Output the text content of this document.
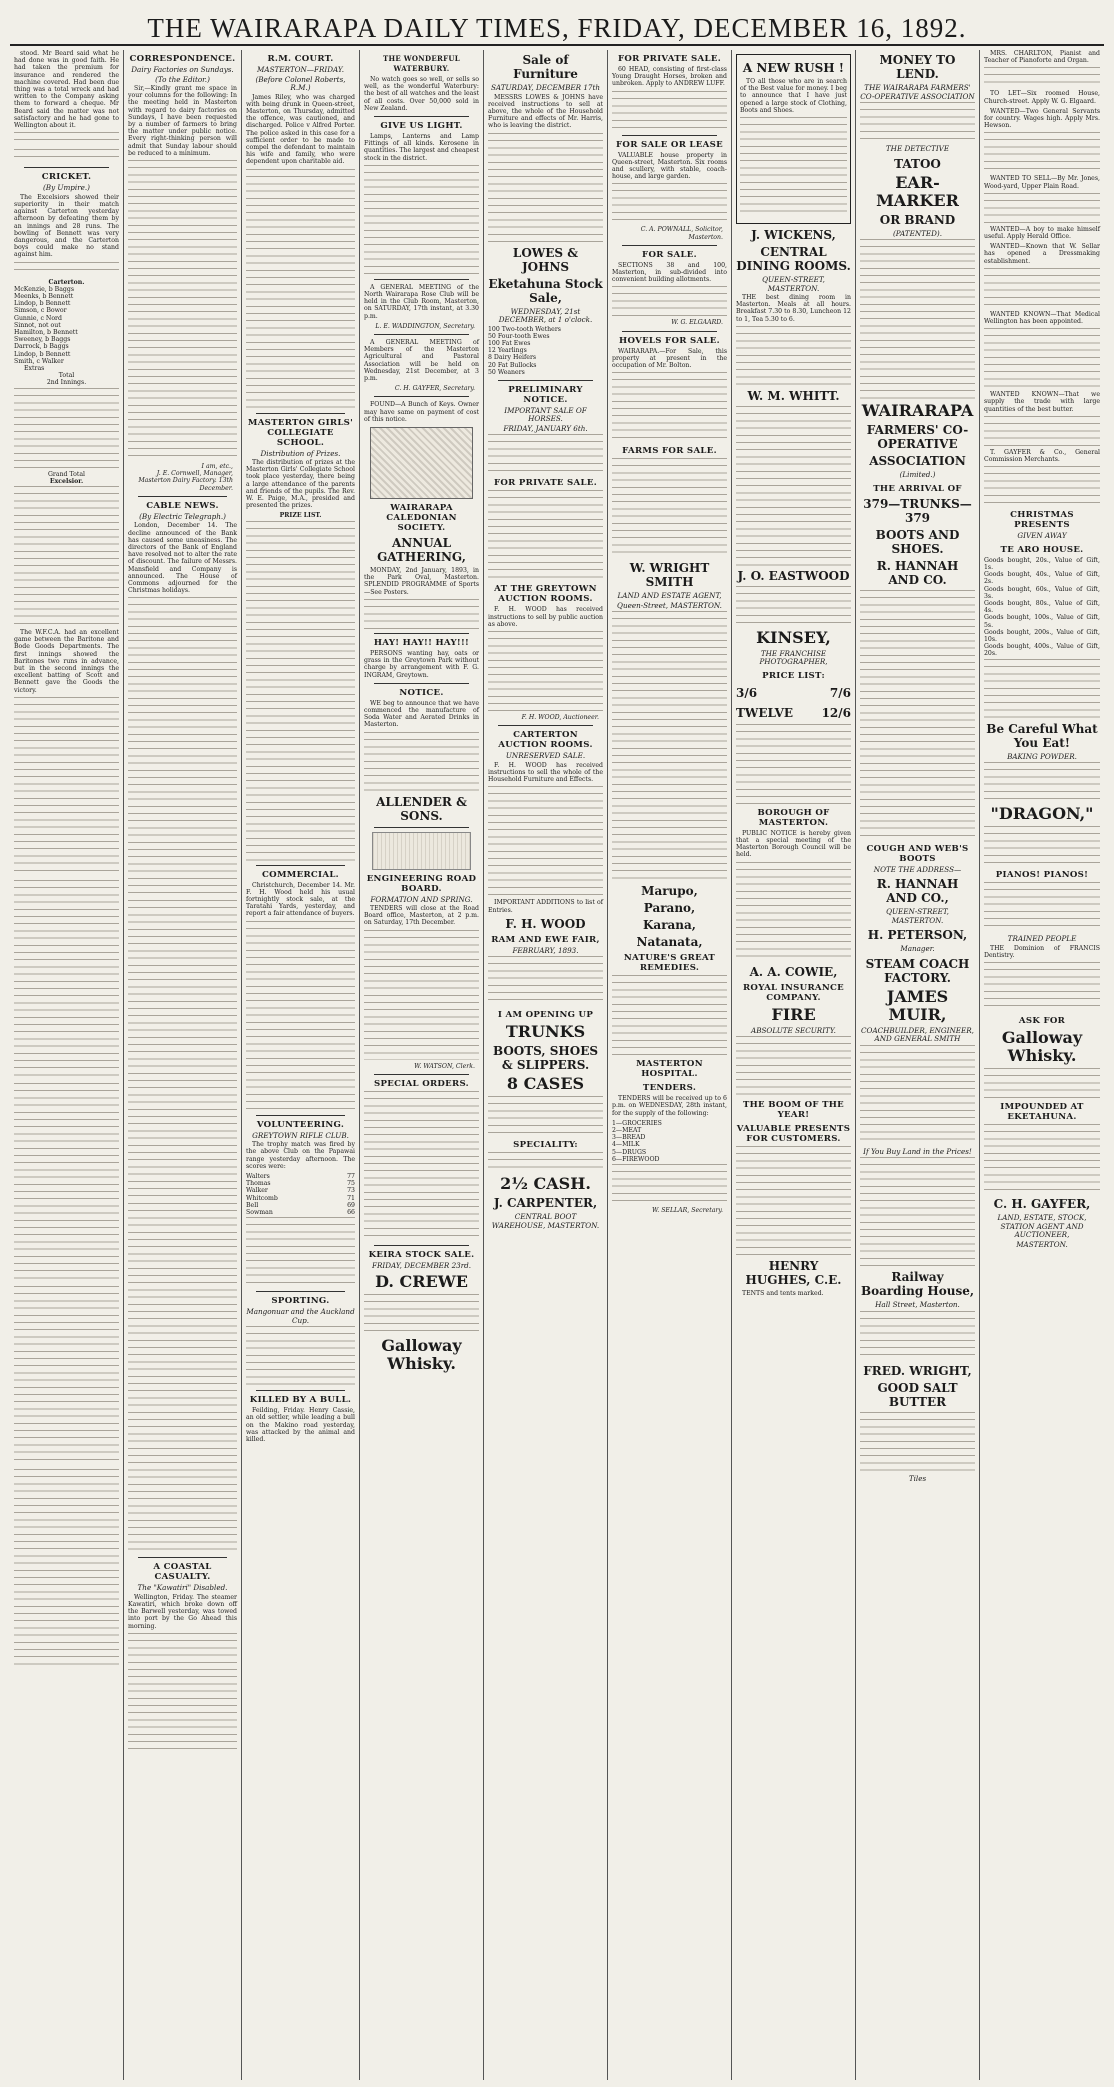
THE WAIRARAPA DAILY TIMES, FRIDAY, DECEMBER 16, 1892.
stood. Mr Beard said what he had done was in good faith. He had taken the premium for insurance and rendered the machine covered. Had been due thing was a total wreck and had written to the Company asking them to forward a cheque. Mr Beard said the matter was not satisfactory and he had gone to Wellington about it.
CRICKET.
(By Umpire.)
The Excelsiors showed their superiority in their match against Carterton yesterday afternoon by defeating them by an innings and 28 runs. The bowling of Bennett was very dangerous, and the Carterton boys could make no stand against him.
Carterton.
McKenzie, b Baggs
Meenks, b Bennett
Lindop, b Bennett
Simson, c Bowor
Gunnie, c Nord
Sinnot, not out
Hamilton, b Bennett
Sweeney, b Baggs
Darrock, b Baggs
Lindop, b Bennett
Smith, c Walker
Extras
Total
2nd Innings.
Grand Total
Excelsior.
The W.F.C.A. had an excellent game between the Baritone and Bode Goods Departments. The first innings showed the Baritones two runs in advance, but in the second innings the excellent batting of Scott and Bennett gave the Goods the victory.
CORRESPONDENCE.
Dairy Factories on Sundays.
(To the Editor.)
Sir,—Kindly grant me space in your columns for the following: In the meeting held in Masterton with regard to dairy factories on Sundays, I have been requested by a number of farmers to bring the matter under public notice. Every right-thinking person will admit that Sunday labour should be reduced to a minimum.
I am, etc.,
J. E. Cornwell, Manager, Masterton Dairy Factory. 13th December.
CABLE NEWS.
(By Electric Telegraph.)
London, December 14. The decline announced of the Bank has caused some uneasiness. The directors of the Bank of England have resolved not to alter the rate of discount. The failure of Messrs. Mansfield and Company is announced. The House of Commons adjourned for the Christmas holidays.
A COASTAL CASUALTY.
The "Kawatiri" Disabled.
Wellington, Friday. The steamer Kawatiri, which broke down off the Barwell yesterday, was towed into port by the Go Ahead this morning.
R.M. COURT.
MASTERTON—FRIDAY.
(Before Colonel Roberts, R.M.)
James Riley, who was charged with being drunk in Queen-street, Masterton, on Thursday, admitted the offence, was cautioned, and discharged. Police v Alfred Porter. The police asked in this case for a sufficient order to be made to compel the defendant to maintain his wife and family, who were dependent upon charitable aid.
MASTERTON GIRLS' COLLEGIATE SCHOOL.
Distribution of Prizes.
The distribution of prizes at the Masterton Girls' Collegiate School took place yesterday, there being a large attendance of the parents and friends of the pupils. The Rev. W. E. Paige, M.A., presided and presented the prizes.
PRIZE LIST.
COMMERCIAL.
Christchurch, December 14. Mr. F. H. Wood held his usual fortnightly stock sale, at the Taratahi Yards, yesterday, and report a fair attendance of buyers.
VOLUNTEERING.
GREYTOWN RIFLE CLUB.
The trophy match was fired by the above Club on the Papawai range yesterday afternoon. The scores were:
Walters	77
Thomas	75
Walker	73
Whitcomb	71
Bell	69
Sowman	66
SPORTING.
Mangonuar and the Auckland Cup.
KILLED BY A BULL.
Feilding, Friday. Henry Cassie, an old settler, while leading a bull on the Makino road yesterday, was attacked by the animal and killed.
THE WONDERFUL WATERBURY.
No watch goes so well, or sells so well, as the wonderful Waterbury: the best of all watches and the least of all costs. Over 50,000 sold in New Zealand.
GIVE US LIGHT.
Lamps, Lanterns and Lamp Fittings of all kinds. Kerosene in quantities. The largest and cheapest stock in the district.
A GENERAL MEETING of the North Wairarapa Rose Club will be held in the Club Room, Masterton, on SATURDAY, 17th instant, at 3.30 p.m.
L. E. WADDINGTON, Secretary.
A GENERAL MEETING of Members of the Masterton Agricultural and Pastoral Association will be held on Wednesday, 21st December, at 3 p.m.
C. H. GAYFER, Secretary.
FOUND—A Bunch of Keys. Owner may have same on payment of cost of this notice.
WAIRARAPA CALEDONIAN SOCIETY.
ANNUAL GATHERING,
MONDAY, 2nd January, 1893, in the Park Oval, Masterton. SPLENDID PROGRAMME of Sports—See Posters.
HAY! HAY!! HAY!!!
PERSONS wanting hay, oats or grass in the Greytown Park without charge by arrangement with F. G. INGRAM, Greytown.
NOTICE.
WE beg to announce that we have commenced the manufacture of Soda Water and Aerated Drinks in Masterton.
ALLENDER & SONS.
ENGINEERING ROAD BOARD.
FORMATION AND SPRING.
TENDERS will close at the Road Board office, Masterton, at 2 p.m. on Saturday, 17th December.
W. WATSON, Clerk.
SPECIAL ORDERS.
KEIRA STOCK SALE.
FRIDAY, DECEMBER 23rd.
D. CREWE
Galloway Whisky.
Sale of Furniture
SATURDAY, DECEMBER 17th
MESSRS LOWES & JOHNS have received instructions to sell at above, the whole of the Household Furniture and effects of Mr. Harris, who is leaving the district.
LOWES & JOHNS
Eketahuna Stock Sale,
WEDNESDAY, 21st DECEMBER, at 1 o'clock.
100 Two-tooth Wethers
50 Four-tooth Ewes
100 Fat Ewes
12 Yearlings
8 Dairy Heifers
20 Fat Bullocks
50 Weaners
PRELIMINARY NOTICE.
IMPORTANT SALE OF HORSES.
FRIDAY, JANUARY 6th.
FOR PRIVATE SALE.
AT THE GREYTOWN AUCTION ROOMS.
F. H. WOOD has received instructions to sell by public auction as above.
F. H. WOOD, Auctioneer.
CARTERTON AUCTION ROOMS.
UNRESERVED SALE.
F. H. WOOD has received instructions to sell the whole of the Household Furniture and Effects.
IMPORTANT ADDITIONS to list of Entries.
F. H. WOOD
RAM AND EWE FAIR,
FEBRUARY, 1893.
I AM OPENING UP
TRUNKS
BOOTS, SHOES & SLIPPERS.
8 CASES
SPECIALITY:
2½ CASH.
J. CARPENTER,
CENTRAL BOOT WAREHOUSE, MASTERTON.
FOR PRIVATE SALE.
60 HEAD, consisting of first-class Young Draught Horses, broken and unbroken. Apply to ANDREW LUFF.
FOR SALE OR LEASE
VALUABLE house property in Queen-street, Masterton. Six rooms and scullery, with stable, coach-house, and large garden.
C. A. POWNALL, Solicitor, Masterton.
FOR SALE.
SECTIONS 38 and 100, Masterton, in sub-divided into convenient building allotments.
W. G. ELGAARD.
HOVELS FOR SALE.
WAIRARAPA.—For Sale, this property at present in the occupation of Mr. Bolton.
FARMS FOR SALE.
W. WRIGHT SMITH
LAND AND ESTATE AGENT,
Queen-Street, MASTERTON.
Marupo,
Parano,
Karana,
Natanata,
NATURE'S GREAT REMEDIES.
MASTERTON HOSPITAL.
TENDERS.
TENDERS will be received up to 6 p.m. on WEDNESDAY, 28th instant, for the supply of the following:
1—GROCERIES
2—MEAT
3—BREAD
4—MILK
5—DRUGS
6—FIREWOOD
W. SELLAR, Secretary.
A NEW RUSH !
TO all those who are in search of the Best value for money. I beg to announce that I have just opened a large stock of Clothing, Boots and Shoes.
J. WICKENS,
CENTRAL DINING ROOMS.
QUEEN-STREET, MASTERTON.
THE best dining room in Masterton. Meals at all hours. Breakfast 7.30 to 8.30, Luncheon 12 to 1, Tea 5.30 to 6.
W. M. WHITT.
J. O. EASTWOOD
KINSEY,
THE FRANCHISE PHOTOGRAPHER,
PRICE LIST:
3/6	7/6
TWELVE 12/6
BOROUGH OF MASTERTON.
PUBLIC NOTICE is hereby given that a special meeting of the Masterton Borough Council will be held.
A. A. COWIE,
ROYAL INSURANCE COMPANY.
FIRE
ABSOLUTE SECURITY.
THE BOOM OF THE YEAR!
VALUABLE PRESENTS FOR CUSTOMERS.
HENRY HUGHES, C.E.
TENTS and tents marked.
MONEY TO LEND.
THE WAIRARAPA FARMERS' CO-OPERATIVE ASSOCIATION
THE DETECTIVE
TATOO
EAR-MARKER
OR BRAND
(PATENTED).
WAIRARAPA
FARMERS' CO-OPERATIVE
ASSOCIATION
(Limited.)
THE ARRIVAL OF
379—TRUNKS—379
BOOTS AND SHOES.
R. HANNAH AND CO.
COUGH AND WEB'S BOOTS
NOTE THE ADDRESS—
R. HANNAH AND CO.,
QUEEN-STREET, MASTERTON.
H. PETERSON,
Manager.
STEAM COACH FACTORY.
JAMES MUIR,
COACHBUILDER, ENGINEER, AND GENERAL SMITH
If You Buy Land in the Prices!
Railway Boarding House,
Hall Street, Masterton.
FRED. WRIGHT,
GOOD SALT BUTTER
Tiles
MRS. CHARLTON, Pianist and Teacher of Pianoforte and Organ.
TO LET—Six roomed House, Church-street. Apply W. G. Elgaard.
WANTED—Two General Servants for country. Wages high. Apply Mrs. Hewson.
WANTED TO SELL—By Mr. Jones, Wood-yard, Upper Plain Road.
WANTED—A boy to make himself useful. Apply Herald Office.
WANTED—Known that W. Sellar has opened a Dressmaking establishment.
WANTED KNOWN—That Medical Wellington has been appointed.
WANTED KNOWN—That we supply the trade with large quantities of the best butter.
T. GAYFER & Co., General Commission Merchants.
CHRISTMAS PRESENTS
GIVEN AWAY
TE ARO HOUSE.
Goods bought, 20s., Value of Gift, 1s.
Goods bought, 40s., Value of Gift, 2s.
Goods bought, 60s., Value of Gift, 3s.
Goods bought, 80s., Value of Gift, 4s.
Goods bought, 100s., Value of Gift, 5s.
Goods bought, 200s., Value of Gift, 10s.
Goods bought, 400s., Value of Gift, 20s.
Be Careful What You Eat!
BAKING POWDER.
"DRAGON,"
PIANOS! PIANOS!
TRAINED PEOPLE
THE Dominion of FRANCIS Dentistry.
ASK FOR
Galloway Whisky.
IMPOUNDED AT EKETAHUNA.
C. H. GAYFER,
LAND, ESTATE, STOCK, STATION AGENT AND AUCTIONEER,
MASTERTON.
